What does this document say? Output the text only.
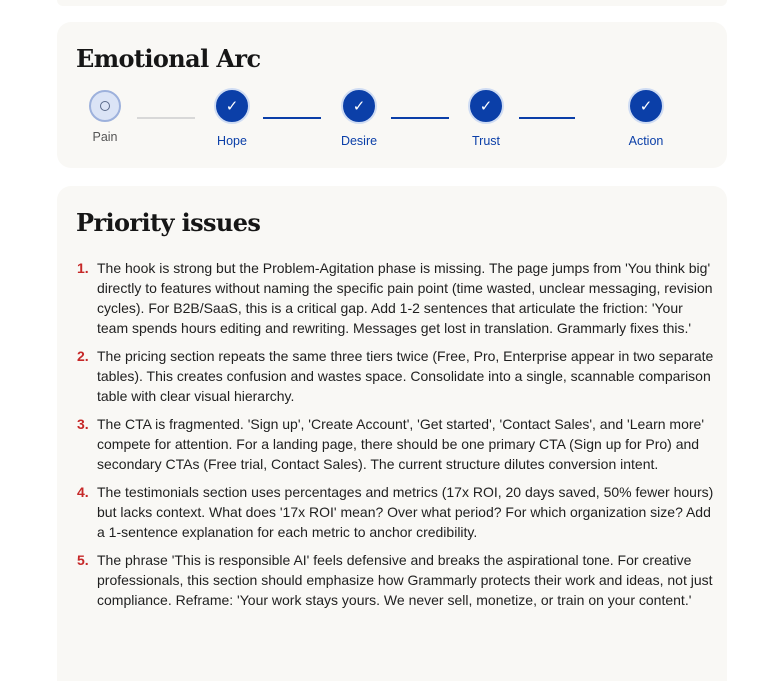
Emotional Arc
Pain
✓
Hope
✓
Desire
✓
Trust
✓
Action
Priority issues
1. The hook is strong but the Problem-Agitation phase is missing. The page jumps from 'You think big' directly to features without naming the specific pain point (time wasted, unclear messaging, revision cycles). For B2B/SaaS, this is a critical gap. Add 1-2 sentences that articulate the friction: 'Your team spends hours editing and rewriting. Messages get lost in translation. Grammarly fixes this.'
2. The pricing section repeats the same three tiers twice (Free, Pro, Enterprise appear in two separate tables). This creates confusion and wastes space. Consolidate into a single, scannable comparison table with clear visual hierarchy.
3. The CTA is fragmented. 'Sign up', 'Create Account', 'Get started', 'Contact Sales', and 'Learn more' compete for attention. For a landing page, there should be one primary CTA (Sign up for Pro) and secondary CTAs (Free trial, Contact Sales). The current structure dilutes conversion intent.
4. The testimonials section uses percentages and metrics (17x ROI, 20 days saved, 50% fewer hours) but lacks context. What does '17x ROI' mean? Over what period? For which organization size? Add a 1-sentence explanation for each metric to anchor credibility.
5. The phrase 'This is responsible AI' feels defensive and breaks the aspirational tone. For creative professionals, this section should emphasize how Grammarly protects their work and ideas, not just compliance. Reframe: 'Your work stays yours. We never sell, monetize, or train on your content.'
